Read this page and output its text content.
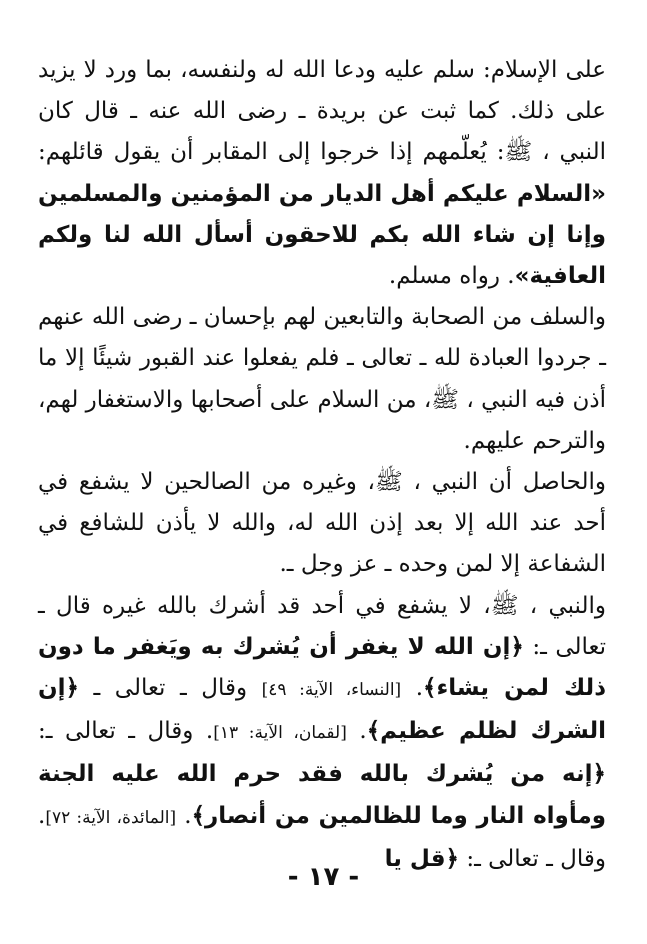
على الإسلام: سلم عليه ودعا الله له ولنفسه، بما ورد لا يزيد على ذلك. كما ثبت عن بريدة ـ رضى الله عنه ـ قال كان النبي ، ﷺ: يُعلّمهم إذا خرجوا إلى المقابر أن يقول قائلهم: «السلام عليكم أهل الديار من المؤمنين والمسلمين وإنا إن شاء الله بكم للاحقون أسأل الله لنا ولكم العافية». رواه مسلم.

والسلف من الصحابة والتابعين لهم بإحسان ـ رضى الله عنهم ـ جردوا العبادة لله ـ تعالى ـ فلم يفعلوا عند القبور شيئًا إلا ما أذن فيه النبي ، ﷺ، من السلام على أصحابها والاستغفار لهم، والترحم عليهم.

والحاصل أن النبي ، ﷺ، وغيره من الصالحين لا يشفع في أحد عند الله إلا بعد إذن الله له، والله لا يأذن للشافع في الشفاعة إلا لمن وحده ـ عز وجل ـ.

والنبي ، ﷺ، لا يشفع في أحد قد أشرك بالله غيره قال ـ تعالى ـ: ﴿إن الله لا يغفر أن يُشرك به ويَغفر ما دون ذلك لمن يشاء﴾. [النساء، الآية: ٤٩] وقال ـ تعالى ـ ﴿إن الشرك لظلم عظيم﴾. [لقمان، الآية: ١٣]. وقال ـ تعالى ـ: ﴿إنه من يُشرك بالله فقد حرم الله عليه الجنة ومأواه النار وما للظالمين من أنصار﴾. [المائدة، الآية: ٧٢]. وقال ـ تعالى ـ: ﴿قل يا

- ١٧ -
